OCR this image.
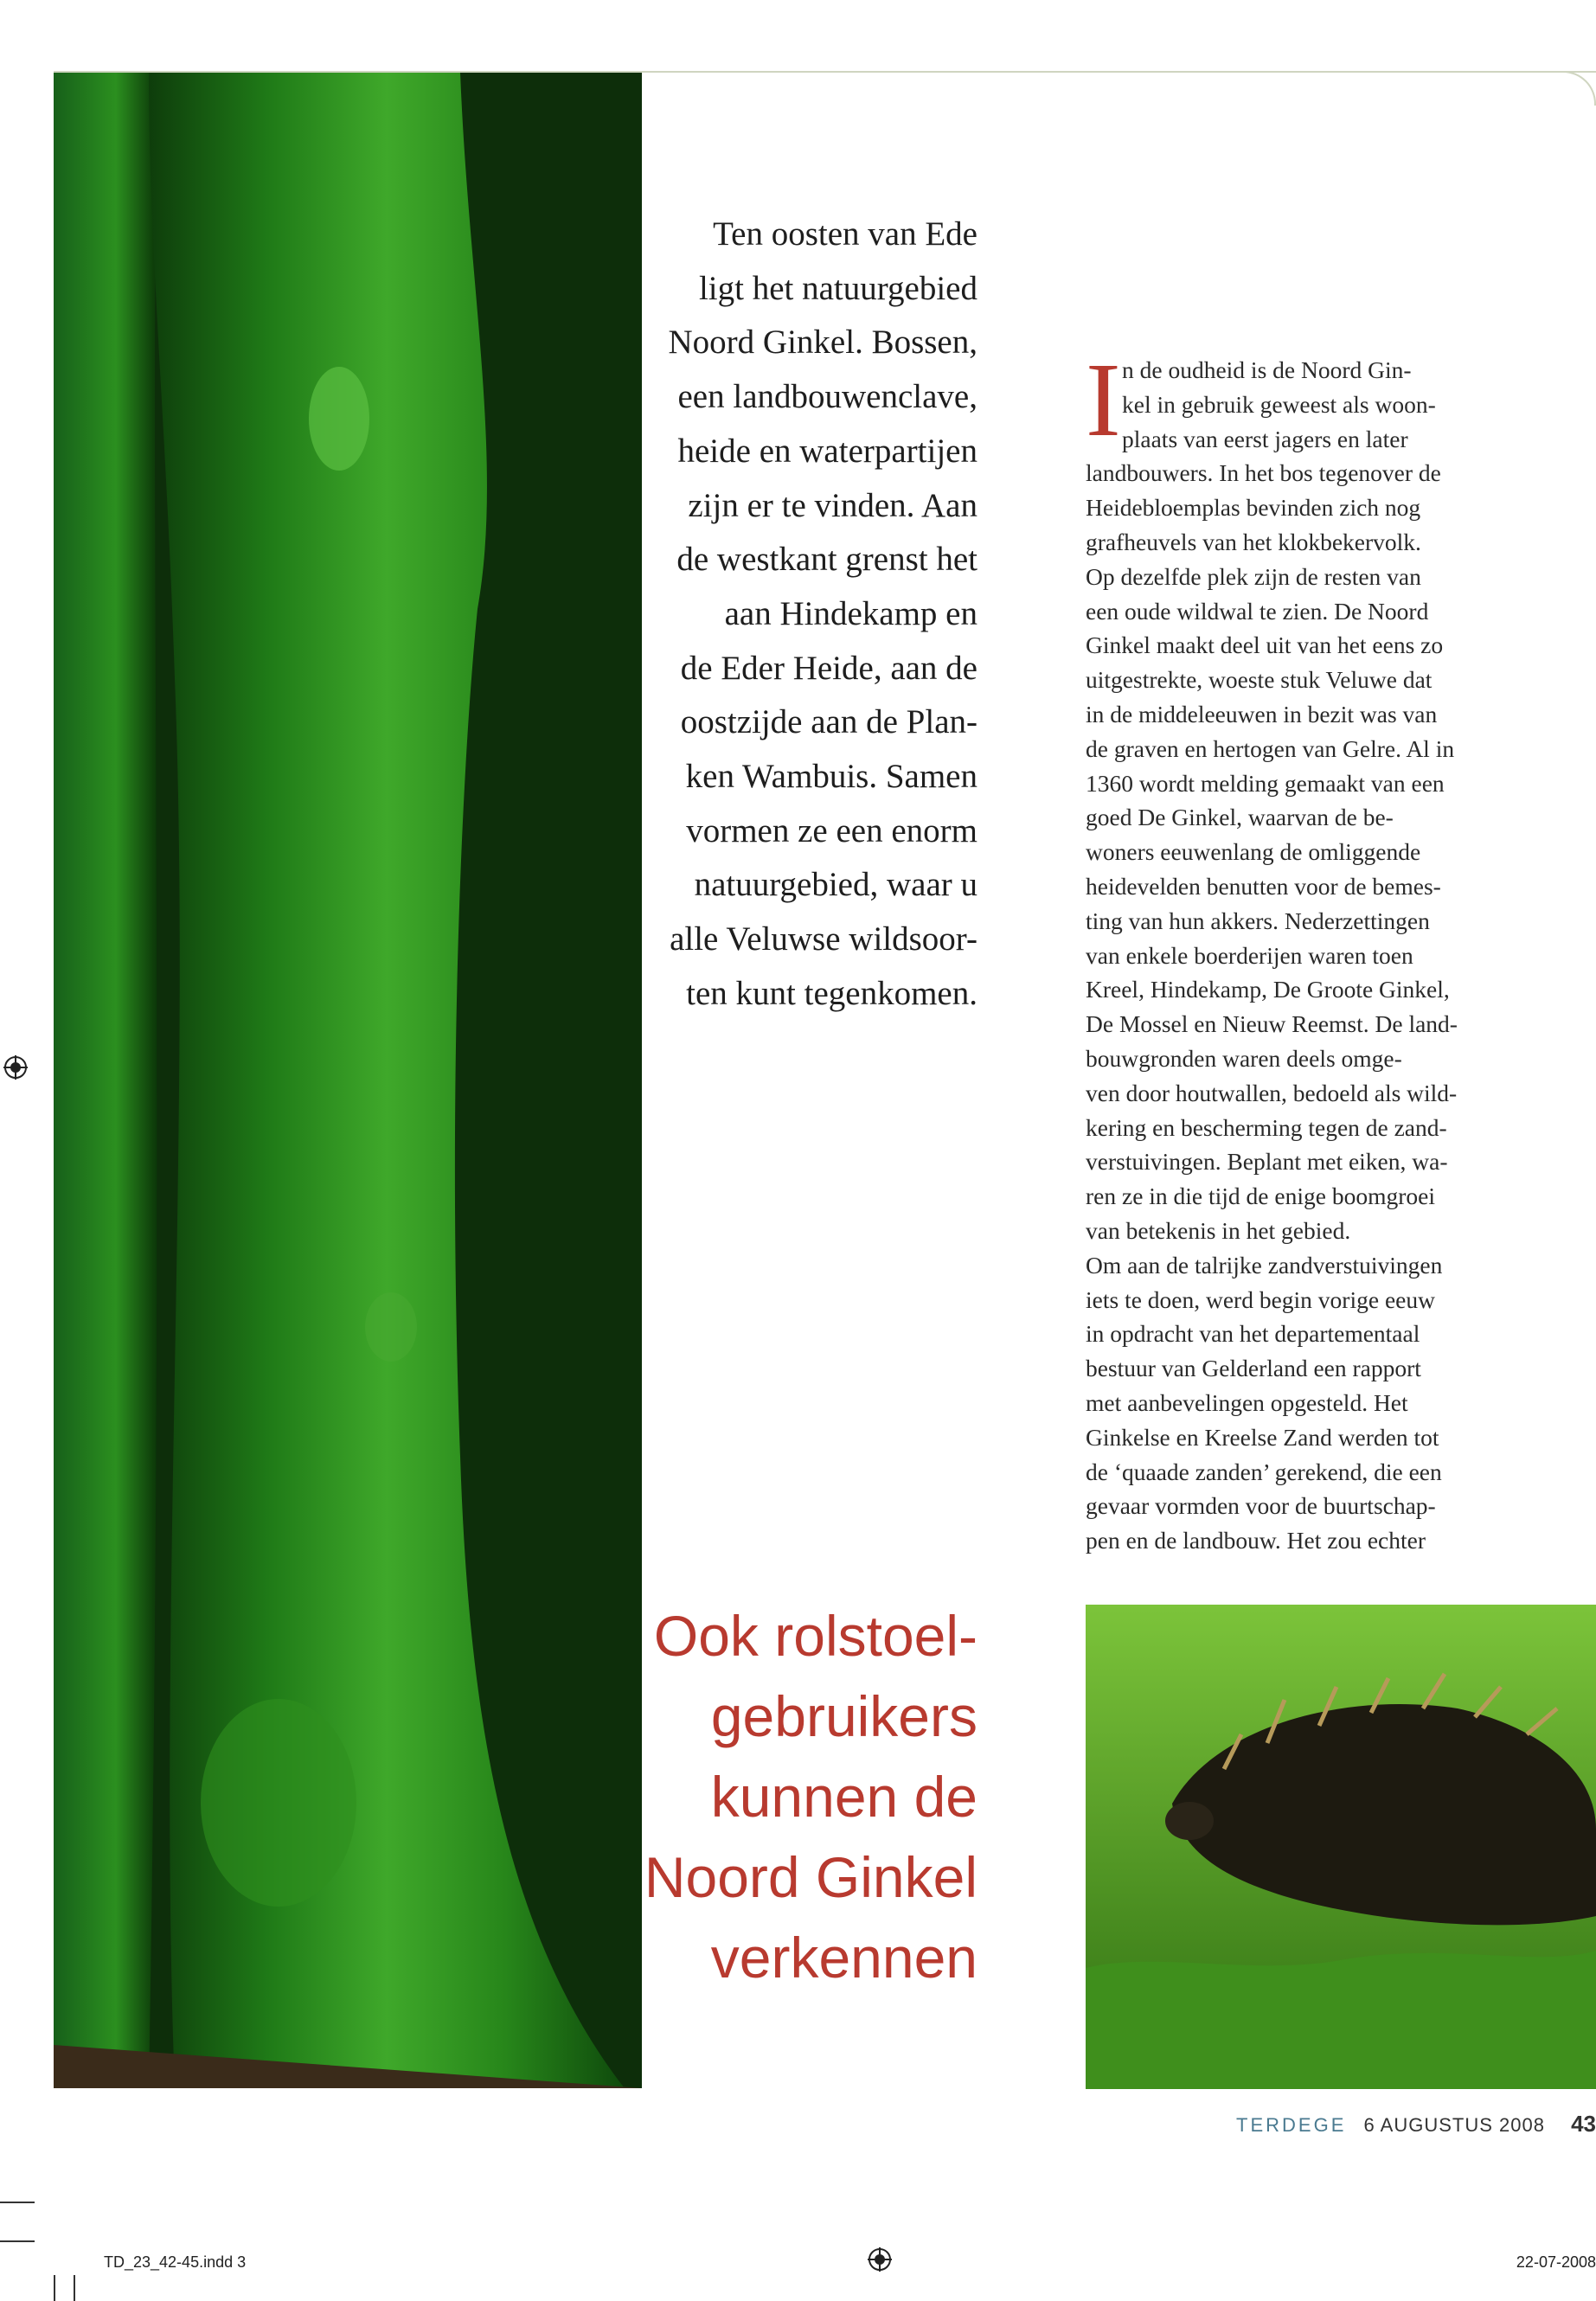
Ten oosten van Ede
ligt het natuurgebied
Noord Ginkel. Bossen,
een landbouwenclave,
heide en waterpartijen
zijn er te vinden. Aan
de westkant grenst het
aan Hindekamp en
de Eder Heide, aan de
oostzijde aan de Plan-
ken Wambuis. Samen
vormen ze een enorm
natuurgebied, waar u
alle Veluwse wildsoor-
ten kunt tegenkomen.
I n de oudheid is de Noord Gin-
kel in gebruik geweest als woon-
plaats van eerst jagers en later
landbouwers. In het bos tegenover de
Heidebloemplas bevinden zich nog
grafheuvels van het klokbekervolk.
Op dezelfde plek zijn de resten van
een oude wildwal te zien. De Noord
Ginkel maakt deel uit van het eens zo
uitgestrekte, woeste stuk Veluwe dat
in de middeleeuwen in bezit was van
de graven en hertogen van Gelre. Al in
1360 wordt melding gemaakt van een
goed De Ginkel, waarvan de be-
woners eeuwenlang de omliggende
heidevelden benutten voor de bemes-
ting van hun akkers. Nederzettingen
van enkele boerderijen waren toen
Kreel, Hindekamp, De Groote Ginkel,
De Mossel en Nieuw Reemst. De land-
bouwgronden waren deels omge-
ven door houtwallen, bedoeld als wild-
kering en bescherming tegen de zand-
verstuivingen. Beplant met eiken, wa-
ren ze in die tijd de enige boomgroei
van betekenis in het gebied.
Om aan de talrijke zandverstuivingen
iets te doen, werd begin vorige eeuw
in opdracht van het departementaal
bestuur van Gelderland een rapport
met aanbevelingen opgesteld. Het
Ginkelse en Kreelse Zand werden tot
de ‘quaade zanden’ gerekend, die een
gevaar vormden voor de buurtschap-
pen en de landbouw. Het zou echter
Ook rolstoel-
gebruikers
kunnen de
Noord Ginkel
verkennen
TERDEGE 6 AUGUSTUS 2008 43
TD_23_42-45.indd 3	22-07-2008
